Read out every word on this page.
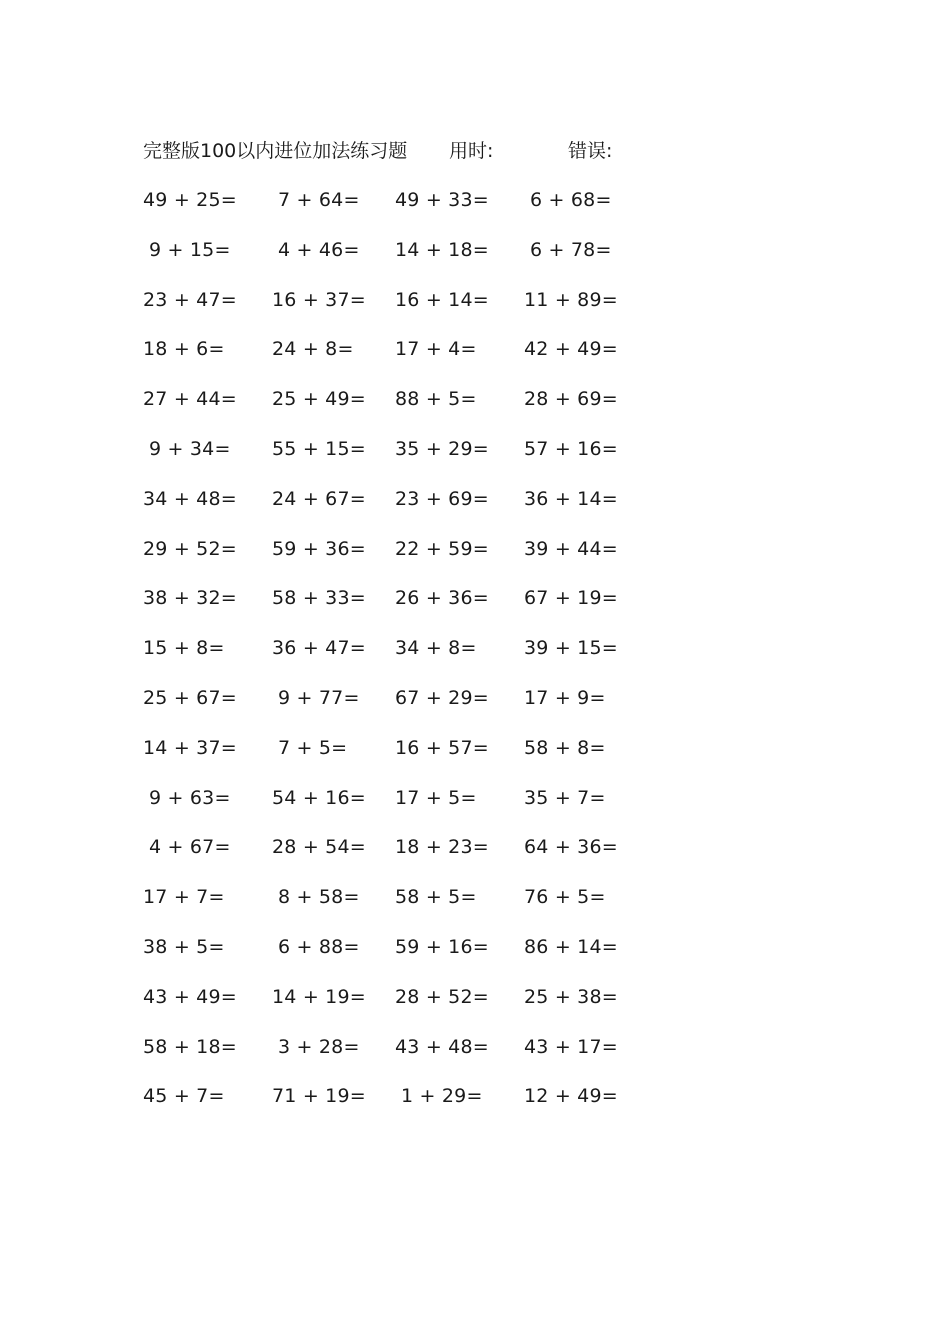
完整版100以内进位加法练习题 用时:	错误:
49 + 25= 7 + 64= 49 + 33= 6 + 68=
9 + 15= 4 + 46= 14 + 18= 6 + 78=
23 + 47= 16 + 37= 16 + 14= 11 + 89=
18 + 6= 24 + 8= 17 + 4= 42 + 49=
27 + 44= 25 + 49= 88 + 5= 28 + 69=
9 + 34= 55 + 15= 35 + 29= 57 + 16=
34 + 48= 24 + 67= 23 + 69= 36 + 14=
29 + 52= 59 + 36= 22 + 59= 39 + 44=
38 + 32= 58 + 33= 26 + 36= 67 + 19=
15 + 8= 36 + 47= 34 + 8= 39 + 15=
25 + 67= 9 + 77= 67 + 29= 17 + 9=
14 + 37= 7 + 5=	16 + 57= 58 + 8=
9 + 63= 54 + 16= 17 + 5= 35 + 7=
4 + 67= 28 + 54= 18 + 23= 64 + 36=
17 + 7=	8 + 58= 58 + 5= 76 + 5=
38 + 5=	6 + 88= 59 + 16= 86 + 14=
43 + 49= 14 + 19= 28 + 52= 25 + 38=
58 + 18= 3 + 28= 43 + 48= 43 + 17=
45 + 7= 71 + 19= 1 + 29= 12 + 49=
